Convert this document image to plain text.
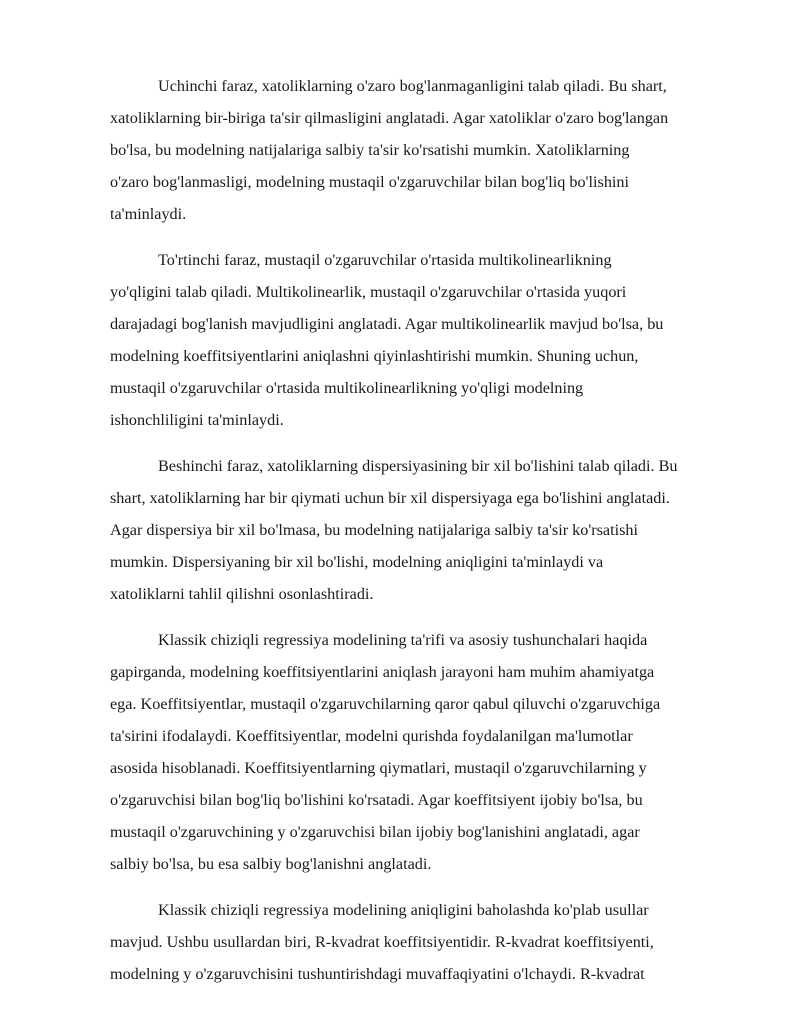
Uchinchi faraz, xatoliklarning o'zaro bog'lanmaganligini talab qiladi. Bu shart,
xatoliklarning bir-biriga ta'sir qilmasligini anglatadi. Agar xatoliklar o'zaro bog'langan
bo'lsa, bu modelning natijalariga salbiy ta'sir ko'rsatishi mumkin. Xatoliklarning
o'zaro bog'lanmasligi, modelning mustaqil o'zgaruvchilar bilan bog'liq bo'lishini
ta'minlaydi.

To'rtinchi faraz, mustaqil o'zgaruvchilar o'rtasida multikolinearlikning
yo'qligini talab qiladi. Multikolinearlik, mustaqil o'zgaruvchilar o'rtasida yuqori
darajadagi bog'lanish mavjudligini anglatadi. Agar multikolinearlik mavjud bo'lsa, bu
modelning koeffitsiyentlarini aniqlashni qiyinlashtirishi mumkin. Shuning uchun,
mustaqil o'zgaruvchilar o'rtasida multikolinearlikning yo'qligi modelning
ishonchliligini ta'minlaydi.

Beshinchi faraz, xatoliklarning dispersiyasining bir xil bo'lishini talab qiladi. Bu
shart, xatoliklarning har bir qiymati uchun bir xil dispersiyaga ega bo'lishini anglatadi.
Agar dispersiya bir xil bo'lmasa, bu modelning natijalariga salbiy ta'sir ko'rsatishi
mumkin. Dispersiyaning bir xil bo'lishi, modelning aniqligini ta'minlaydi va
xatoliklarni tahlil qilishni osonlashtiradi.

Klassik chiziqli regressiya modelining ta'rifi va asosiy tushunchalari haqida
gapirganda, modelning koeffitsiyentlarini aniqlash jarayoni ham muhim ahamiyatga
ega. Koeffitsiyentlar, mustaqil o'zgaruvchilarning qaror qabul qiluvchi o'zgaruvchiga
ta'sirini ifodalaydi. Koeffitsiyentlar, modelni qurishda foydalanilgan ma'lumotlar
asosida hisoblanadi. Koeffitsiyentlarning qiymatlari, mustaqil o'zgaruvchilarning y
o'zgaruvchisi bilan bog'liq bo'lishini ko'rsatadi. Agar koeffitsiyent ijobiy bo'lsa, bu
mustaqil o'zgaruvchining y o'zgaruvchisi bilan ijobiy bog'lanishini anglatadi, agar
salbiy bo'lsa, bu esa salbiy bog'lanishni anglatadi.

Klassik chiziqli regressiya modelining aniqligini baholashda ko'plab usullar
mavjud. Ushbu usullardan biri, R-kvadrat koeffitsiyentidir. R-kvadrat koeffitsiyenti,
modelning y o'zgaruvchisini tushuntirishdagi muvaffaqiyatini o'lchaydi. R-kvadrat
